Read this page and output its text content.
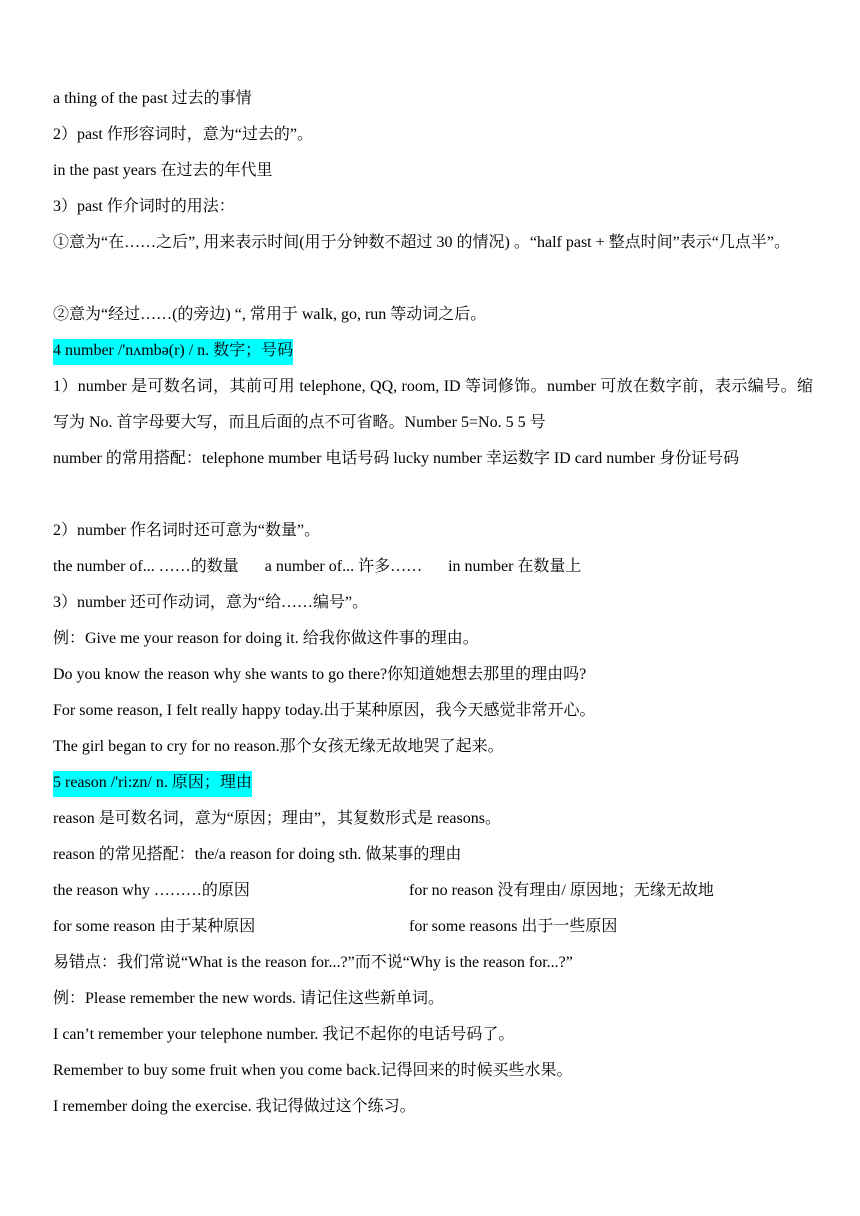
a thing of the past 过去的事情
2）past 作形容词时，意为“过去的”。
in the past years 在过去的年代里
3）past 作介词时的用法：
①意为“在……之后”, 用来表示时间(用于分钟数不超过 30 的情况) 。“half past + 整点时间”表示“几点半”。
②意为“经过……(的旁边) “, 常用于 walk, go, run 等动词之后。
4 number /'nʌmbə(r) / n. 数字；号码
1）number 是可数名词，其前可用 telephone, QQ, room, ID 等词修饰。number 可放在数字前，表示编号。缩写为 No. 首字母要大写，而且后面的点不可省略。Number 5=No. 5 5 号
number 的常用搭配：telephone mumber 电话号码 lucky number 幸运数字 ID card number 身份证号码
2）number 作名词时还可意为“数量”。
the number of... ……的数量 a number of... 许多…… in number 在数量上
3）number 还可作动词，意为“给……编号”。
例：Give me your reason for doing it. 给我你做这件事的理由。
Do you know the reason why she wants to go there?你知道她想去那里的理由吗?
For some reason, I felt really happy today.出于某种原因，我今天感觉非常开心。
The girl began to cry for no reason.那个女孩无缘无故地哭了起来。
5 reason /'ri:zn/ n. 原因；理由
reason 是可数名词，意为“原因；理由”，其复数形式是 reasons。
reason 的常见搭配：the/a reason for doing sth. 做某事的理由
the reason why ………的原因	for no reason 没有理由/ 原因地；无缘无故地
for some reason 由于某种原因	for some reasons 出于一些原因
易错点：我们常说“What is the reason for...?”而不说“Why is the reason for...?”
例：Please remember the new words. 请记住这些新单词。
I can’t remember your telephone number. 我记不起你的电话号码了。
Remember to buy some fruit when you come back.记得回来的时候买些水果。
I remember doing the exercise. 我记得做过这个练习。
